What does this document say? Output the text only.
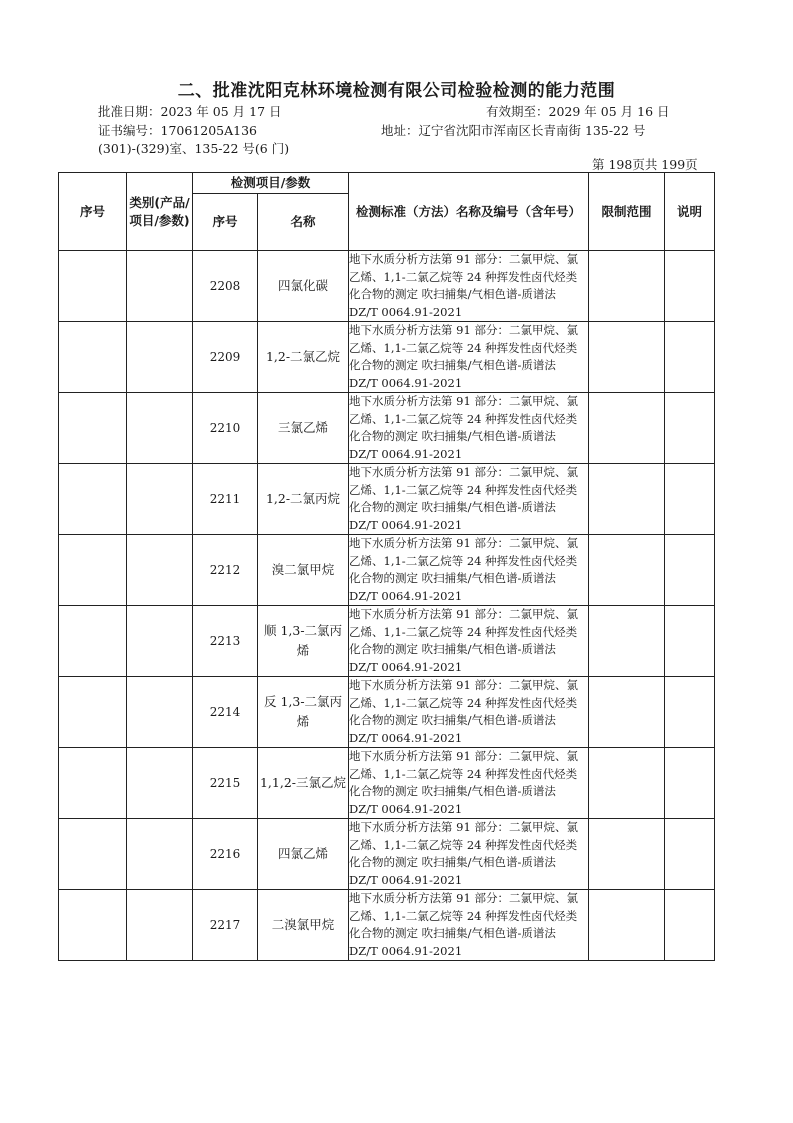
二、批准沈阳克林环境检测有限公司检验检测的能力范围
批准日期：2023 年 05 月 17 日	有效期至：2029 年 05 月 16 日
证书编号：17061205A136	地址：辽宁省沈阳市浑南区长青南街 135-22 号
(301)-(329)室、135-22 号(6 门)
第 198页共 199页
序号	类别(产品/项目/参数)	检测项目/参数		检测标准（方法）名称及编号（含年号）	限制范围	说明
		序号	名称			
		2208	四氯化碳	地下水质分析方法第 91 部分：二氯甲烷、氯乙烯、1,1-二氯乙烷等 24 种挥发性卤代烃类化合物的测定 吹扫捕集/气相色谱-质谱法 DZ/T 0064.91-2021		
		2209	1,2-二氯乙烷	地下水质分析方法第 91 部分：二氯甲烷、氯乙烯、1,1-二氯乙烷等 24 种挥发性卤代烃类化合物的测定 吹扫捕集/气相色谱-质谱法 DZ/T 0064.91-2021		
		2210	三氯乙烯	地下水质分析方法第 91 部分：二氯甲烷、氯乙烯、1,1-二氯乙烷等 24 种挥发性卤代烃类化合物的测定 吹扫捕集/气相色谱-质谱法 DZ/T 0064.91-2021		
		2211	1,2-二氯丙烷	地下水质分析方法第 91 部分：二氯甲烷、氯乙烯、1,1-二氯乙烷等 24 种挥发性卤代烃类化合物的测定 吹扫捕集/气相色谱-质谱法 DZ/T 0064.91-2021		
		2212	溴二氯甲烷	地下水质分析方法第 91 部分：二氯甲烷、氯乙烯、1,1-二氯乙烷等 24 种挥发性卤代烃类化合物的测定 吹扫捕集/气相色谱-质谱法 DZ/T 0064.91-2021		
		2213	顺 1,3-二氯丙烯	地下水质分析方法第 91 部分：二氯甲烷、氯乙烯、1,1-二氯乙烷等 24 种挥发性卤代烃类化合物的测定 吹扫捕集/气相色谱-质谱法 DZ/T 0064.91-2021		
		2214	反 1,3-二氯丙烯	地下水质分析方法第 91 部分：二氯甲烷、氯乙烯、1,1-二氯乙烷等 24 种挥发性卤代烃类化合物的测定 吹扫捕集/气相色谱-质谱法 DZ/T 0064.91-2021		
		2215	1,1,2-三氯乙烷	地下水质分析方法第 91 部分：二氯甲烷、氯乙烯、1,1-二氯乙烷等 24 种挥发性卤代烃类化合物的测定 吹扫捕集/气相色谱-质谱法 DZ/T 0064.91-2021		
		2216	四氯乙烯	地下水质分析方法第 91 部分：二氯甲烷、氯乙烯、1,1-二氯乙烷等 24 种挥发性卤代烃类化合物的测定 吹扫捕集/气相色谱-质谱法 DZ/T 0064.91-2021		
		2217	二溴氯甲烷	地下水质分析方法第 91 部分：二氯甲烷、氯乙烯、1,1-二氯乙烷等 24 种挥发性卤代烃类化合物的测定 吹扫捕集/气相色谱-质谱法 DZ/T 0064.91-2021		
